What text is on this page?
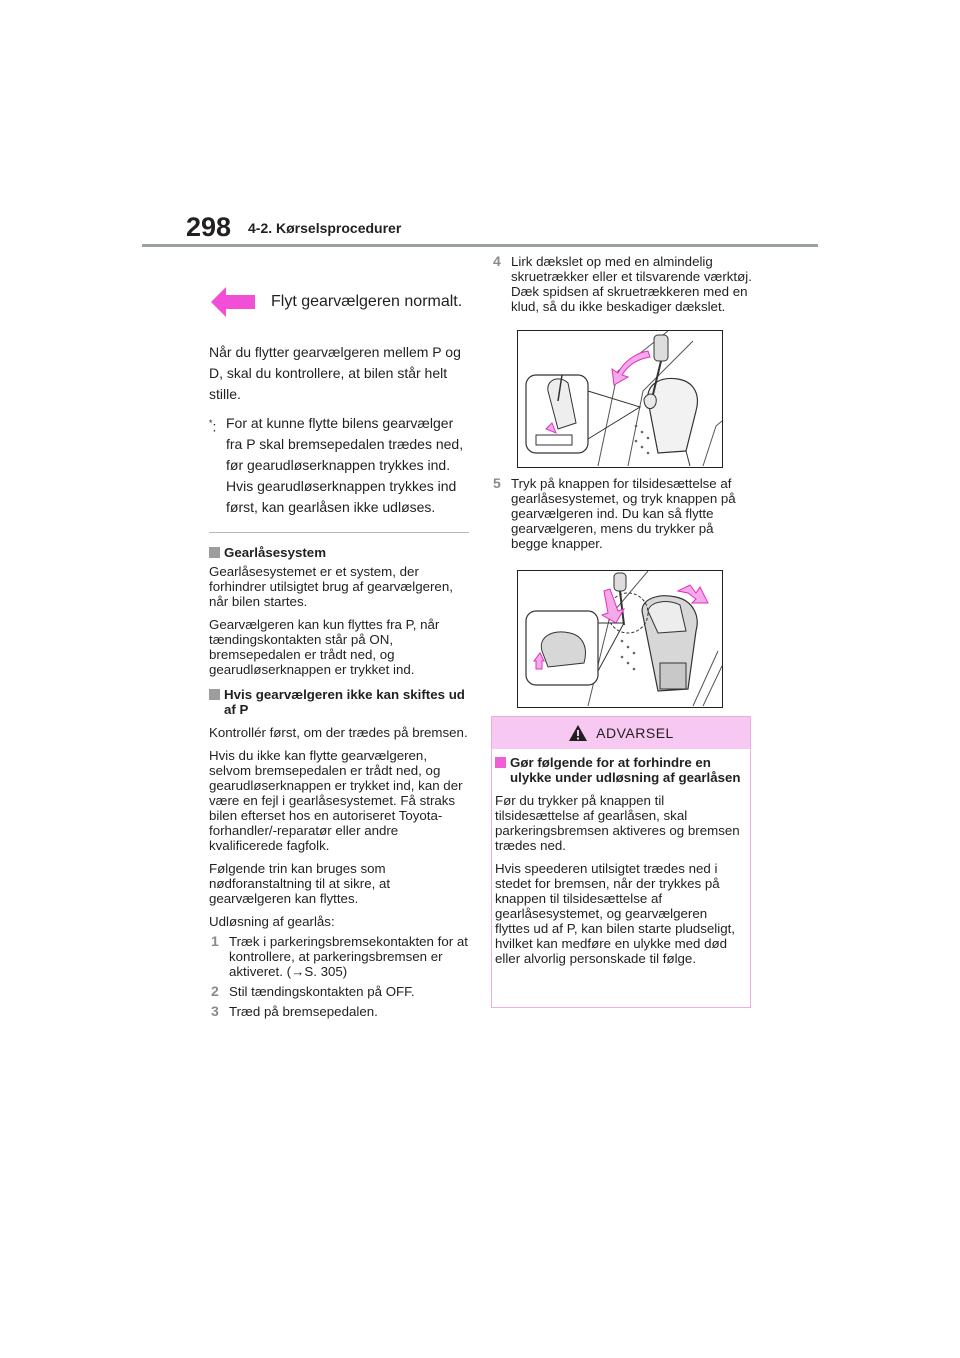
298 4-2. Kørselsprocedurer
Flyt gearvælgeren normalt.

Når du flytter gearvælgeren mellem P og D, skal du kontrollere, at bilen står helt stille.

*: For at kunne flytte bilens gearvælger fra P skal bremsepedalen trædes ned, før gearudløserknappen trykkes ind. Hvis gearudløserknappen trykkes ind først, kan gearlåsen ikke udløses.
Gearlåsesystem

Gearlåsesystemet er et system, der forhindrer utilsigtet brug af gearvælgeren, når bilen startes.

Gearvælgeren kan kun flyttes fra P, når tændingskontakten står på ON, bremsepedalen er trådt ned, og gearudløserknappen er trykket ind.

Hvis gearvælgeren ikke kan skiftes ud af P

Kontrollér først, om der trædes på bremsen.

Hvis du ikke kan flytte gearvælgeren, selvom bremsepedalen er trådt ned, og gearudløserknappen er trykket ind, kan der være en fejl i gearlåsesystemet. Få straks bilen efterset hos en autoriseret Toyota-forhandler/-reparatør eller andre kvalificerede fagfolk.

Følgende trin kan bruges som nødforanstaltning til at sikre, at gearvælgeren kan flyttes.

Udløsning af gearlås:

1 Træk i parkeringsbremsekontakten for at kontrollere, at parkeringsbremsen er aktiveret. (→S. 305)
2 Stil tændingskontakten på OFF.
3 Træd på bremsepedalen.
4 Lirk dækslet op med en almindelig skruetrækker eller et tilsvarende værktøj. Dæk spidsen af skruetrækkeren med en klud, så du ikke beskadiger dækslet.
5 Tryk på knappen for tilsidesættelse af gearlåsesystemet, og tryk knappen på gearvælgeren ind. Du kan så flytte gearvælgeren, mens du trykker på begge knapper.
ADVARSEL
Gør følgende for at forhindre en ulykke under udløsning af gearlåsen

Før du trykker på knappen til tilsidesættelse af gearlåsen, skal parkeringsbremsen aktiveres og bremsen trædes ned.

Hvis speederen utilsigtet trædes ned i stedet for bremsen, når der trykkes på knappen til tilsidesættelse af gearlåsesystemet, og gearvælgeren flyttes ud af P, kan bilen starte pludseligt, hvilket kan medføre en ulykke med død eller alvorlig personskade til følge.
